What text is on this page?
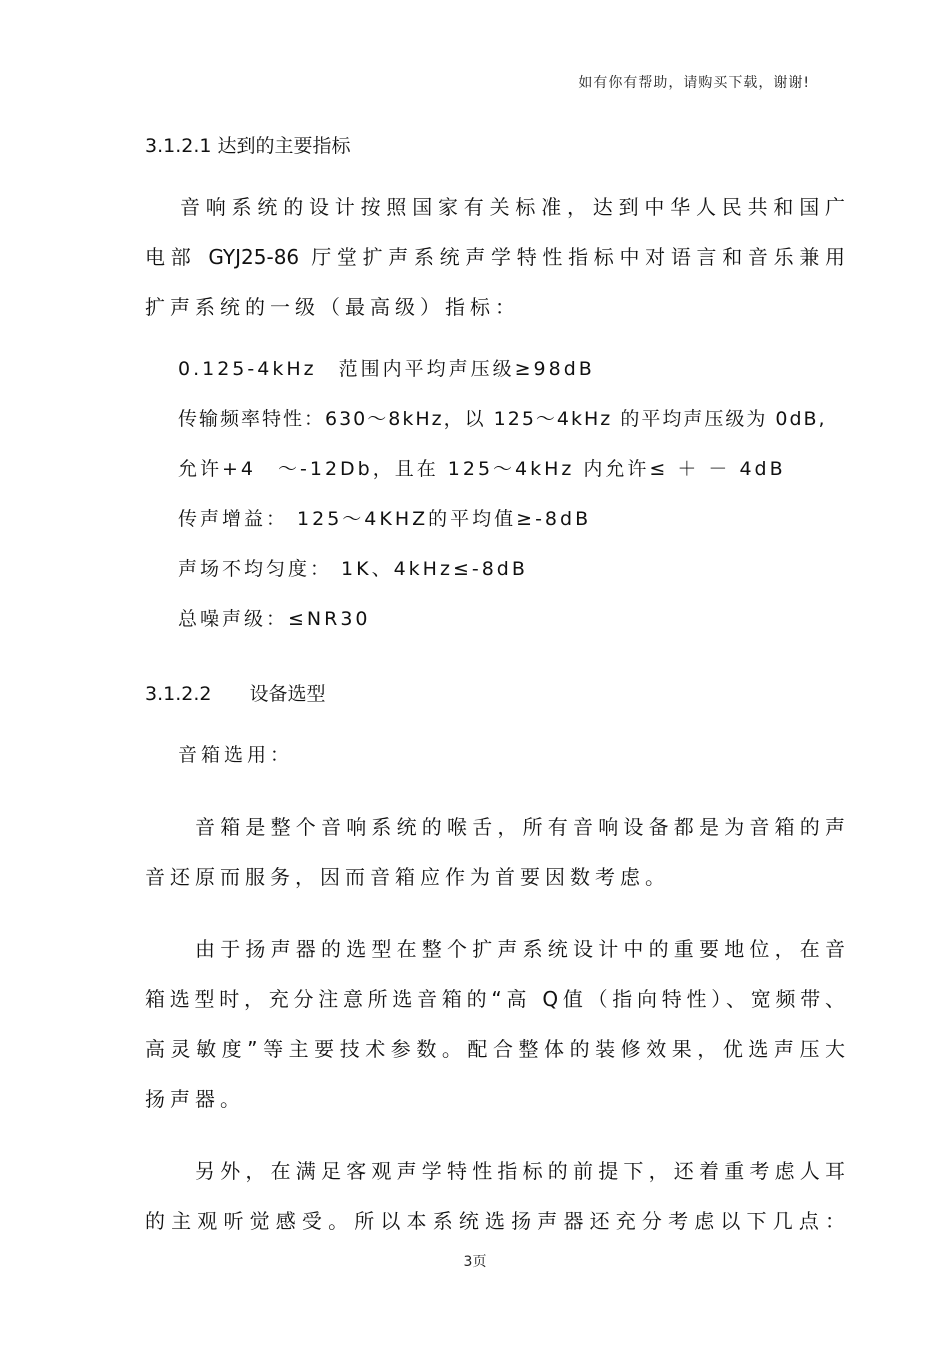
如有你有帮助，请购买下载，谢谢!
3.1.2.1 达到的主要指标
音响系统的设计按照国家有关标准，达到中华人民共和国广
电部 GYJ25-86 厅堂扩声系统声学特性指标中对语言和音乐兼用
扩声系统的一级（最高级）指标：
0.125-4kHz　范围内平均声压级≥98dB
传输频率特性：630～8kHz，以 125～4kHz 的平均声压级为 0dB,
允许+4　～-12Db，且在 125～4kHz 内允许≤ ＋ － 4dB
传声增益： 125～4KHZ的平均值≥-8dB
声场不均匀度： 1K、4kHz≤-8dB
总噪声级：≤NR30
3.1.2.2　　设备选型
音箱选用：
音箱是整个音响系统的喉舌，所有音响设备都是为音箱的声
音还原而服务，因而音箱应作为首要因数考虑。
由于扬声器的选型在整个扩声系统设计中的重要地位，在音
箱选型时，充分注意所选音箱的“高 Q值（指向特性）、宽频带、
高灵敏度”等主要技术参数。配合整体的装修效果，优选声压大
扬声器。
另外，在满足客观声学特性指标的前提下，还着重考虑人耳
的主观听觉感受。所以本系统选扬声器还充分考虑以下几点：
3页
